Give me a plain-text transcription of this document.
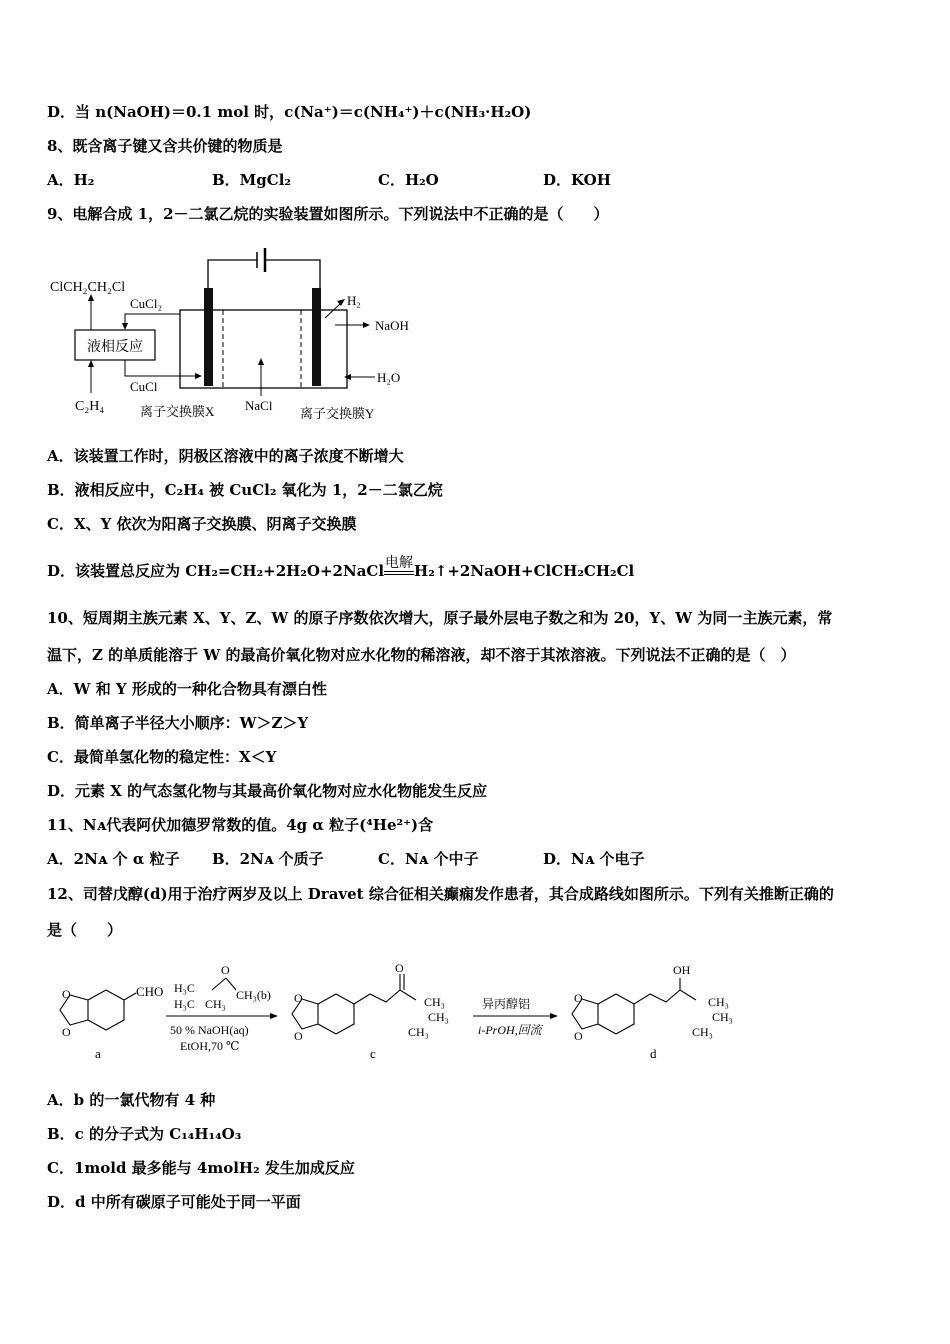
D．当 n(NaOH)＝0.1 mol 时，c(Na⁺)＝c(NH₄⁺)＋c(NH₃·H₂O)
8、既含离子键又含共价键的物质是
A．H₂	B．MgCl₂	C．H₂O	D．KOH
9、电解合成 1，2－二氯乙烷的实验装置如图所示。下列说法中不正确的是（　　）
液相反应
ClCH₂CH₂Cl
C₂H₄
CuCl₂
CuCl
H₂
NaOH
H₂O
NaCl
离子交换膜X	离子交换膜Y
A．该装置工作时，阴极区溶液中的离子浓度不断增大
B．液相反应中，C₂H₄ 被 CuCl₂ 氧化为 1，2－二氯乙烷
C．X、Y 依次为阳离子交换膜、阴离子交换膜
D．该装置总反应为 CH₂=CH₂+2H₂O+2NaCl 电解 H₂↑+2NaOH+ClCH₂CH₂Cl
10、短周期主族元素 X、Y、Z、W 的原子序数依次增大，原子最外层电子数之和为 20，Y、W 为同一主族元素，常
温下，Z 的单质能溶于 W 的最高价氧化物对应水化物的稀溶液，却不溶于其浓溶液。下列说法不正确的是（　）
A．W 和 Y 形成的一种化合物具有漂白性
B．简单离子半径大小顺序：W＞Z＞Y
C．最简单氢化物的稳定性：X＜Y
D．元素 X 的气态氢化物与其最高价氧化物对应水化物能发生反应
11、Nᴀ代表阿伏加德罗常数的值。4g α 粒子(⁴He²⁺)含
A．2Nᴀ 个 α 粒子 B．2Nᴀ 个质子	C．Nᴀ 个中子	D．Nᴀ 个电子
12、司替戊醇(d)用于治疗两岁及以上 Dravet 综合征相关癫痫发作患者，其合成路线如图所示。下列有关推断正确的
是（　　）
O
O
CHO
a
H₃C
H₃C CH₃
CH₃(b)
O
50 % NaOH(aq)
EtOH,70 ℃
O
O
O
CH₃
CH₃
CH₃
c
异丙醇铝
i-PrOH,回流
O
O
OH
CH₃
CH₃
CH₃
d
A．b 的一氯代物有 4 种
B．c 的分子式为 C₁₄H₁₄O₃
C．1mold 最多能与 4molH₂ 发生加成反应
D．d 中所有碳原子可能处于同一平面
